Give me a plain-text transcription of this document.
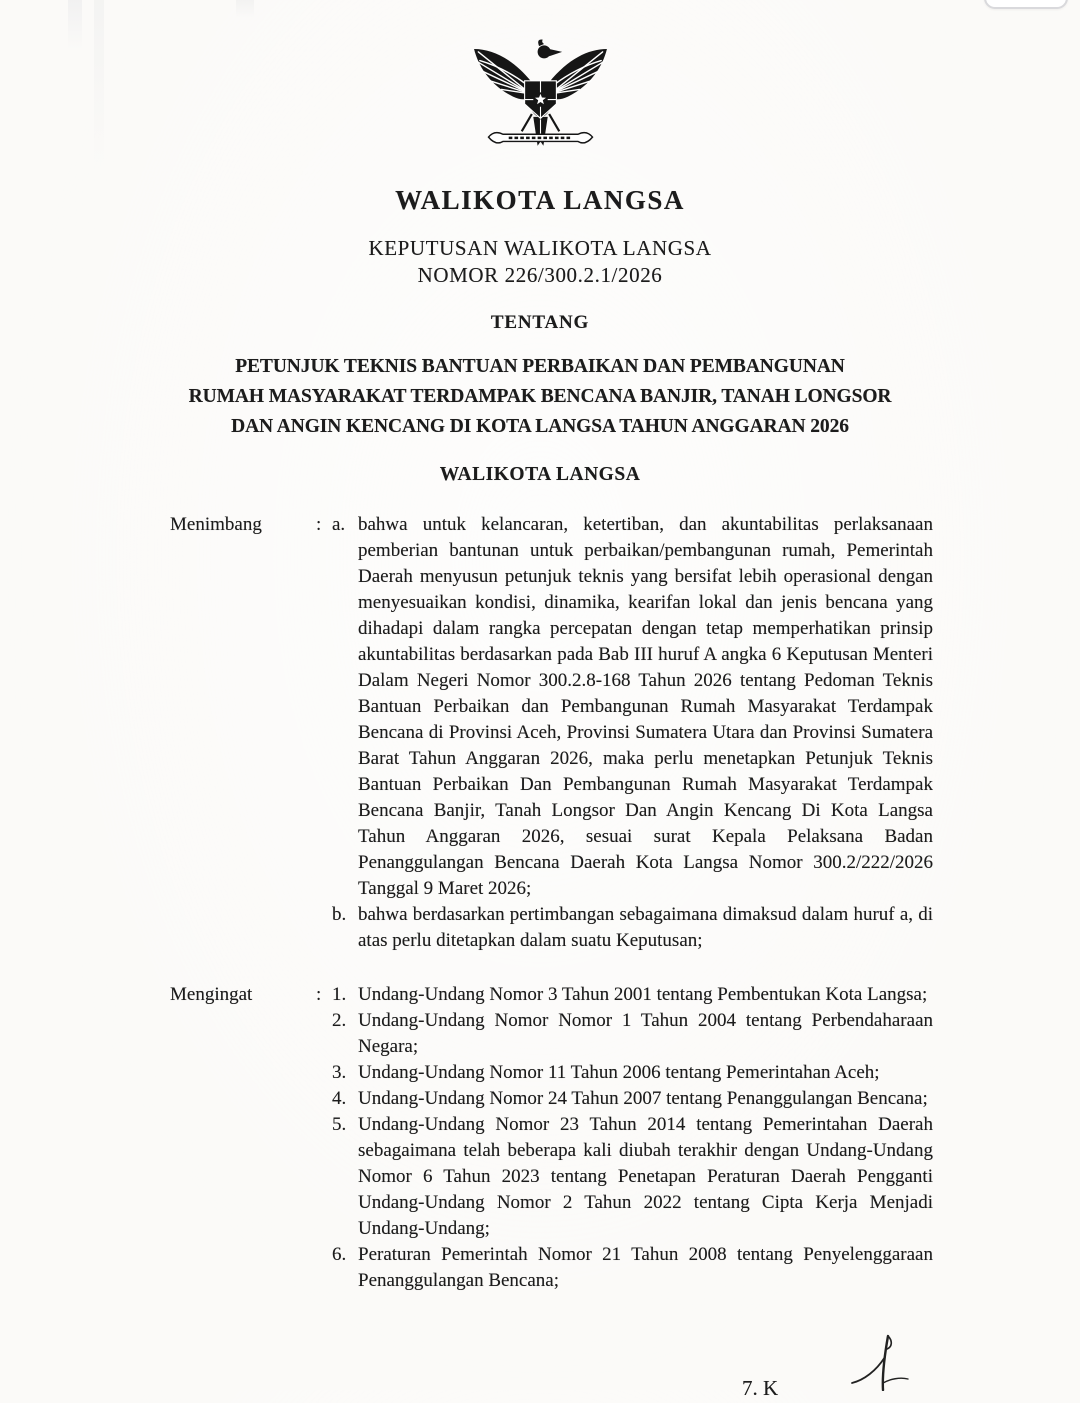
WALIKOTA LANGSA
KEPUTUSAN WALIKOTA LANGSA
NOMOR 226/300.2.1/2026
TENTANG
PETUNJUK TEKNIS BANTUAN PERBAIKAN DAN PEMBANGUNAN
RUMAH MASYARAKAT TERDAMPAK BENCANA BANJIR, TANAH LONGSOR
DAN ANGIN KENCANG DI KOTA LANGSA TAHUN ANGGARAN 2026
WALIKOTA LANGSA
Menimbang	: a. bahwa untuk kelancaran, ketertiban, dan akuntabilitas perlaksanaan pemberian bantunan untuk perbaikan/pembangunan rumah, Pemerintah Daerah menyusun petunjuk teknis yang bersifat lebih operasional dengan menyesuaikan kondisi, dinamika, kearifan lokal dan jenis bencana yang dihadapi dalam rangka percepatan dengan tetap memperhatikan prinsip akuntabilitas berdasarkan pada Bab III huruf A angka 6 Keputusan Menteri Dalam Negeri Nomor 300.2.8-168 Tahun 2026 tentang Pedoman Teknis Bantuan Perbaikan dan Pembangunan Rumah Masyarakat Terdampak Bencana di Provinsi Aceh, Provinsi Sumatera Utara dan Provinsi Sumatera Barat Tahun Anggaran 2026, maka perlu menetapkan Petunjuk Teknis Bantuan Perbaikan Dan Pembangunan Rumah Masyarakat Terdampak Bencana Banjir, Tanah Longsor Dan Angin Kencang Di Kota Langsa Tahun Anggaran 2026, sesuai surat Kepala Pelaksana Badan Penanggulangan Bencana Daerah Kota Langsa Nomor 300.2/222/2026 Tanggal 9 Maret 2026;
b. bahwa berdasarkan pertimbangan sebagaimana dimaksud dalam huruf a, di atas perlu ditetapkan dalam suatu Keputusan;
Mengingat	: 1. Undang-Undang Nomor 3 Tahun 2001 tentang Pembentukan Kota Langsa;
2. Undang-Undang Nomor Nomor 1 Tahun 2004 tentang Perbendaharaan Negara;
3. Undang-Undang Nomor 11 Tahun 2006 tentang Pemerintahan Aceh;
4. Undang-Undang Nomor 24 Tahun 2007 tentang Penanggulangan Bencana;
5. Undang-Undang Nomor 23 Tahun 2014 tentang Pemerintahan Daerah sebagaimana telah beberapa kali diubah terakhir dengan Undang-Undang Nomor 6 Tahun 2023 tentang Penetapan Peraturan Daerah Pengganti Undang-Undang Nomor 2 Tahun 2022 tentang Cipta Kerja Menjadi Undang-Undang;
6. Peraturan Pemerintah Nomor 21 Tahun 2008 tentang Penyelenggaraan Penanggulangan Bencana;
7. K
